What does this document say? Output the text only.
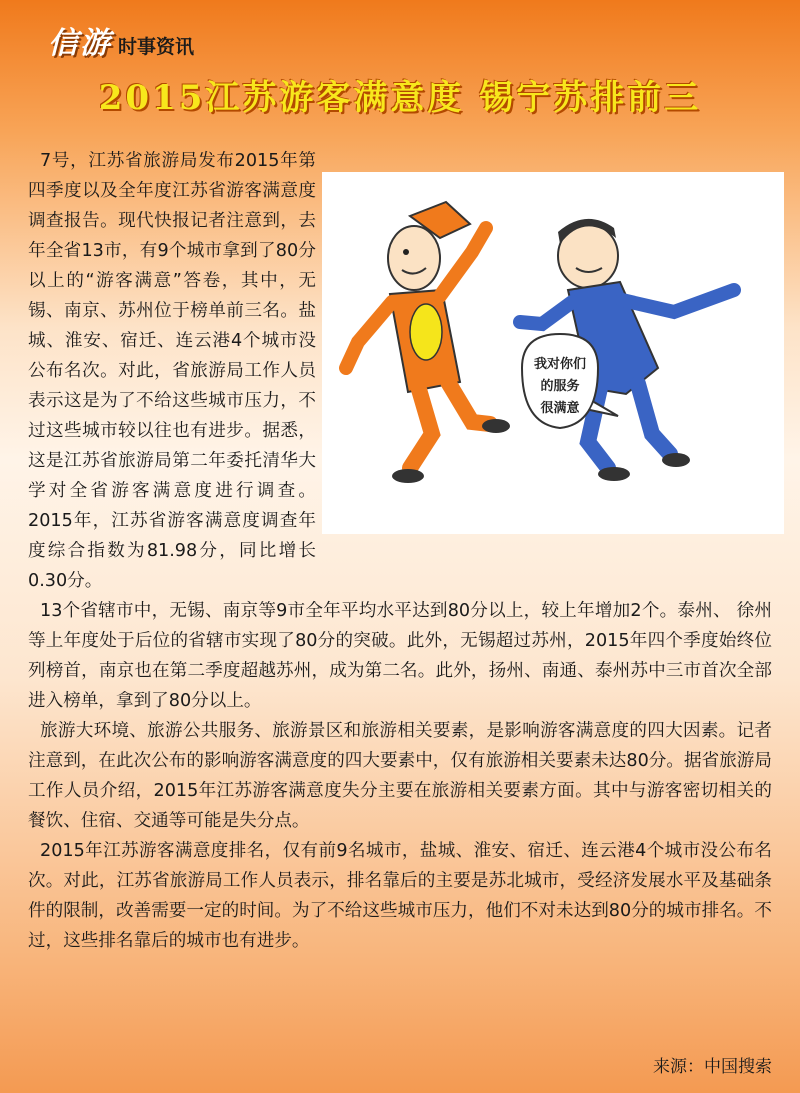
信游 时事资讯
2015江苏游客满意度 锡宁苏排前三
我对你们
的服务
很满意

7号，江苏省旅游局发布2015年第四季度以及全年度江苏省游客满意度调查报告。现代快报记者注意到，去年全省13市，有9个城市拿到了80分以上的“游客满意”答卷，其中，无锡、南京、苏州位于榜单前三名。盐城、淮安、宿迁、连云港4个城市没公布名次。对此，省旅游局工作人员表示这是为了不给这些城市压力，不过这些城市较以往也有进步。据悉，这是江苏省旅游局第二年委托清华大学对全省游客满意度进行调查。2015年，江苏省游客满意度调查年度综合指数为81.98分，同比增长0.30分。

13个省辖市中，无锡、南京等9市全年平均水平达到80分以上，较上年增加2个。泰州、 徐州等上年度处于后位的省辖市实现了80分的突破。此外，无锡超过苏州，2015年四个季度始终位列榜首，南京也在第二季度超越苏州，成为第二名。此外，扬州、南通、泰州苏中三市首次全部进入榜单，拿到了80分以上。

旅游大环境、旅游公共服务、旅游景区和旅游相关要素，是影响游客满意度的四大因素。记者注意到，在此次公布的影响游客满意度的四大要素中，仅有旅游相关要素未达80分。据省旅游局工作人员介绍，2015年江苏游客满意度失分主要在旅游相关要素方面。其中与游客密切相关的餐饮、住宿、交通等可能是失分点。

2015年江苏游客满意度排名，仅有前9名城市，盐城、淮安、宿迁、连云港4个城市没公布名次。对此，江苏省旅游局工作人员表示，排名靠后的主要是苏北城市，受经济发展水平及基础条件的限制，改善需要一定的时间。为了不给这些城市压力，他们不对未达到80分的城市排名。不过，这些排名靠后的城市也有进步。

来源：中国搜索
